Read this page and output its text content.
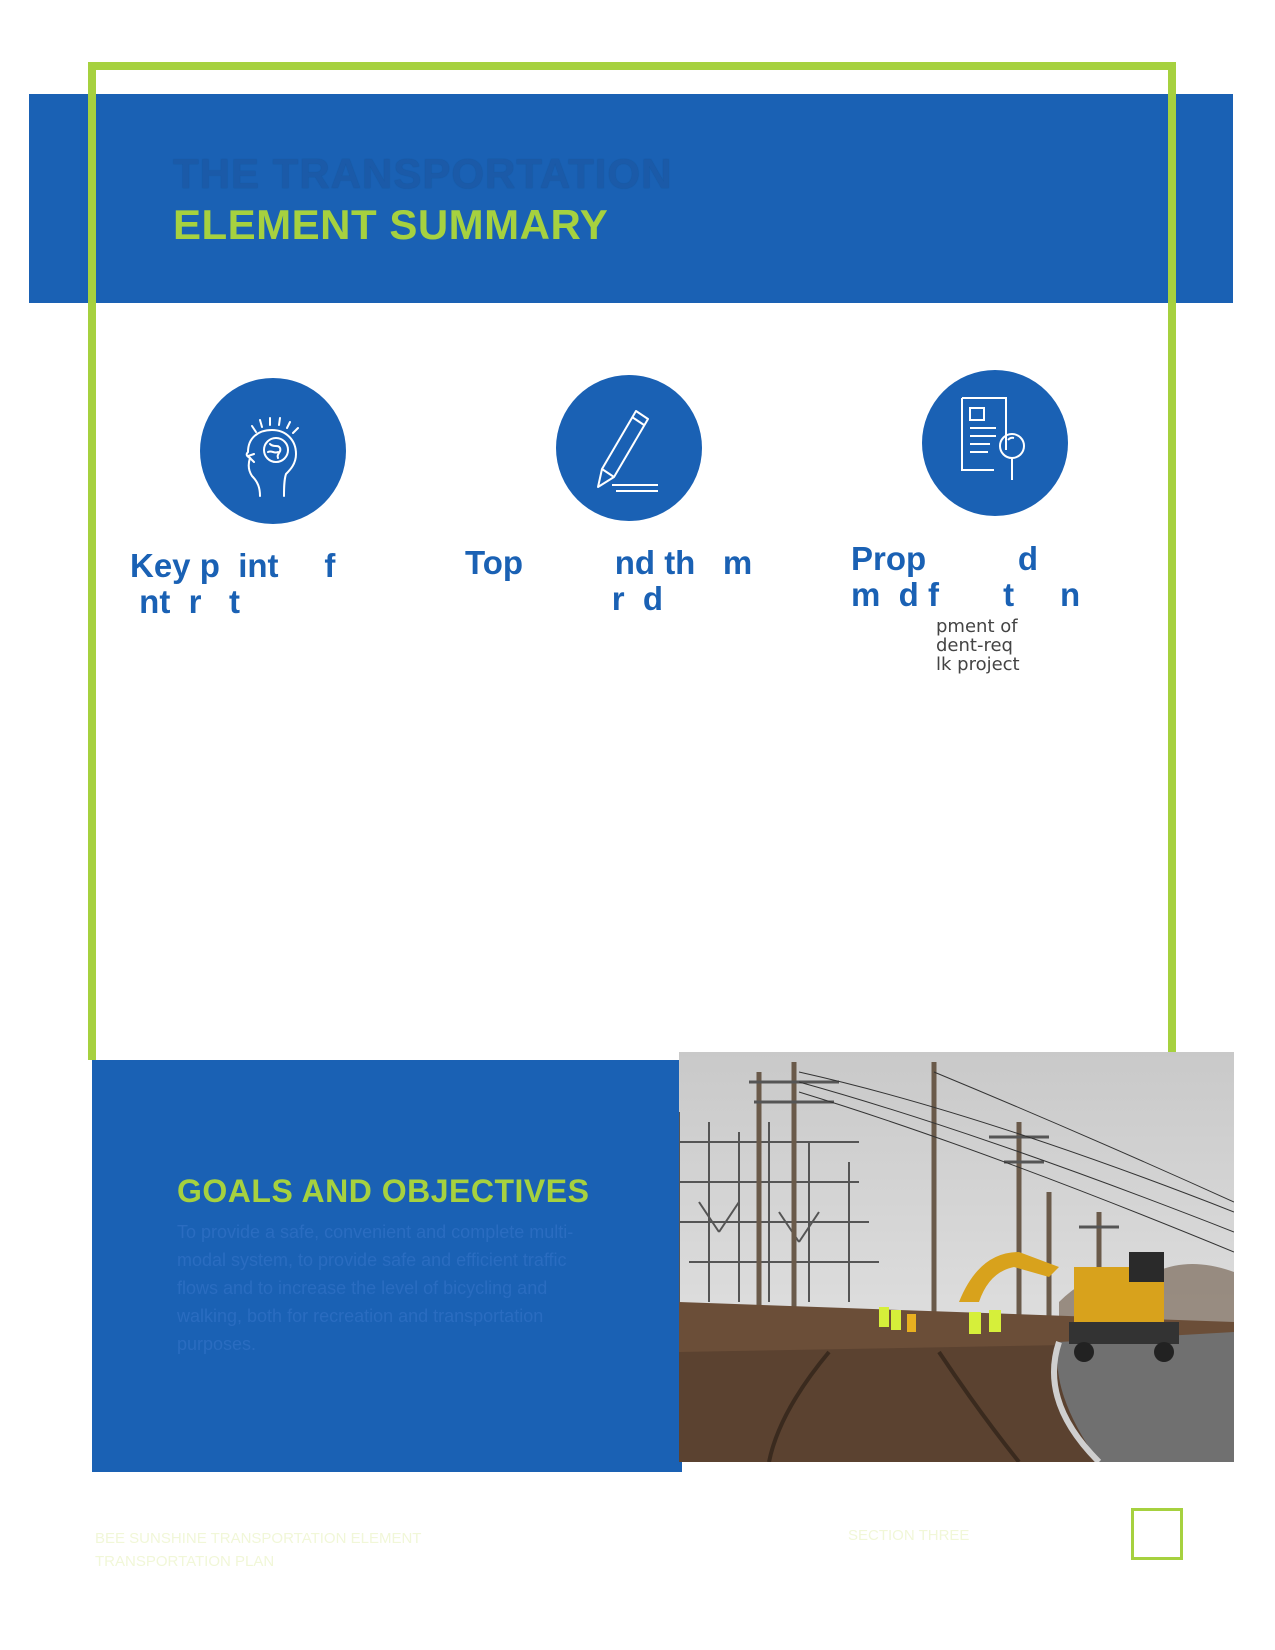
THE TRANSPORTATION
ELEMENT SUMMARY
Key p  int     f
nt  r   t
Top          nd th   m
r  d
Prop          d
m  d f       t     n
pment of
dent-req
lk project
GOALS AND OBJECTIVES
To provide a safe, convenient and complete multi-modal system, to provide safe and efficient traffic flows and to increase the level of bicycling and walking, both for recreation and transportation purposes.
BEE SUNSHINE TRANSPORTATION ELEMENT
TRANSPORTATION PLAN
SECTION THREE
